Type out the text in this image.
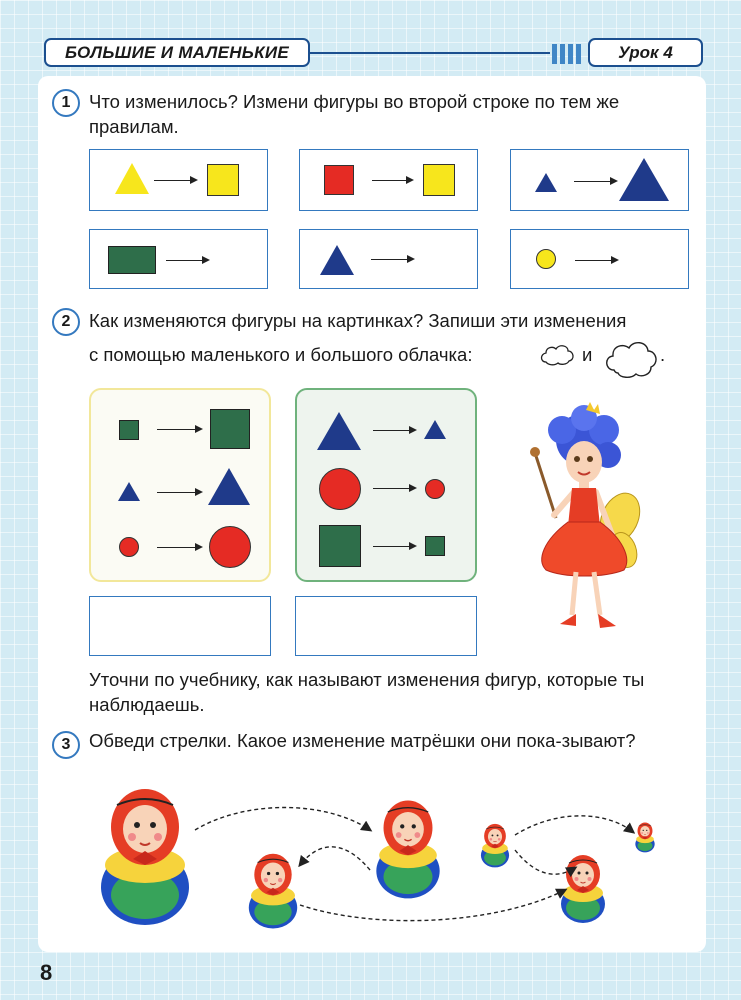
БОЛЬШИЕ И МАЛЕНЬКИЕ	Урок 4
1	Что изменилось? Измени фигуры во второй строке по тем же правилам.
2	Как изменяются фигуры на картинках? Запиши эти изменения
с помощью маленького и большого облачка:	и	.
Уточни по учебнику, как называют изменения фигур, которые ты наблюдаешь.
3	Обведи стрелки. Какое изменение матрёшки они пока-зывают?
8
